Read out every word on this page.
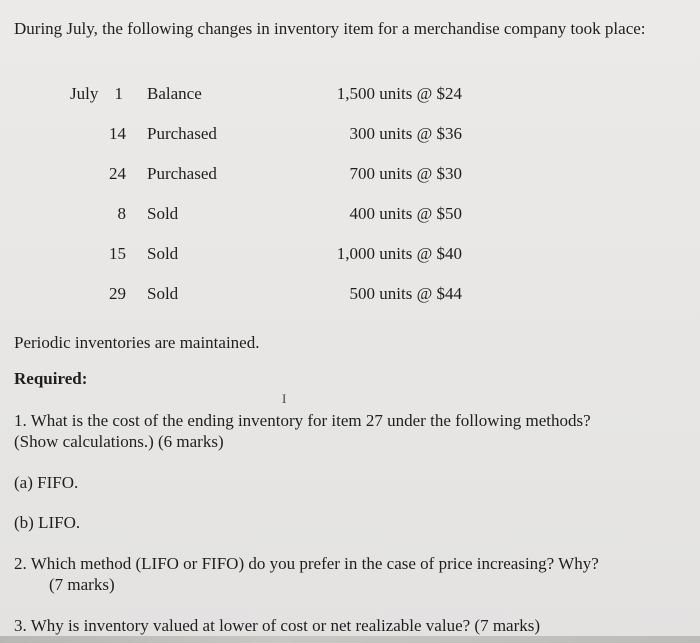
During July, the following changes in inventory item for a merchandise company took place:
July 1 Balance	1,500 units @ $24
14 Purchased	300 units @ $36
24 Purchased	700 units @ $30
8 Sold	400 units @ $50
15 Sold	1,000 units @ $40
29 Sold	500 units @ $44
Periodic inventories are maintained.
Required:
I
1. What is the cost of the ending inventory for item 27 under the following methods?
(Show calculations.) (6 marks)
(a) FIFO.
(b) LIFO.
2. Which method (LIFO or FIFO) do you prefer in the case of price increasing? Why?
(7 marks)
3. Why is inventory valued at lower of cost or net realizable value? (7 marks)
